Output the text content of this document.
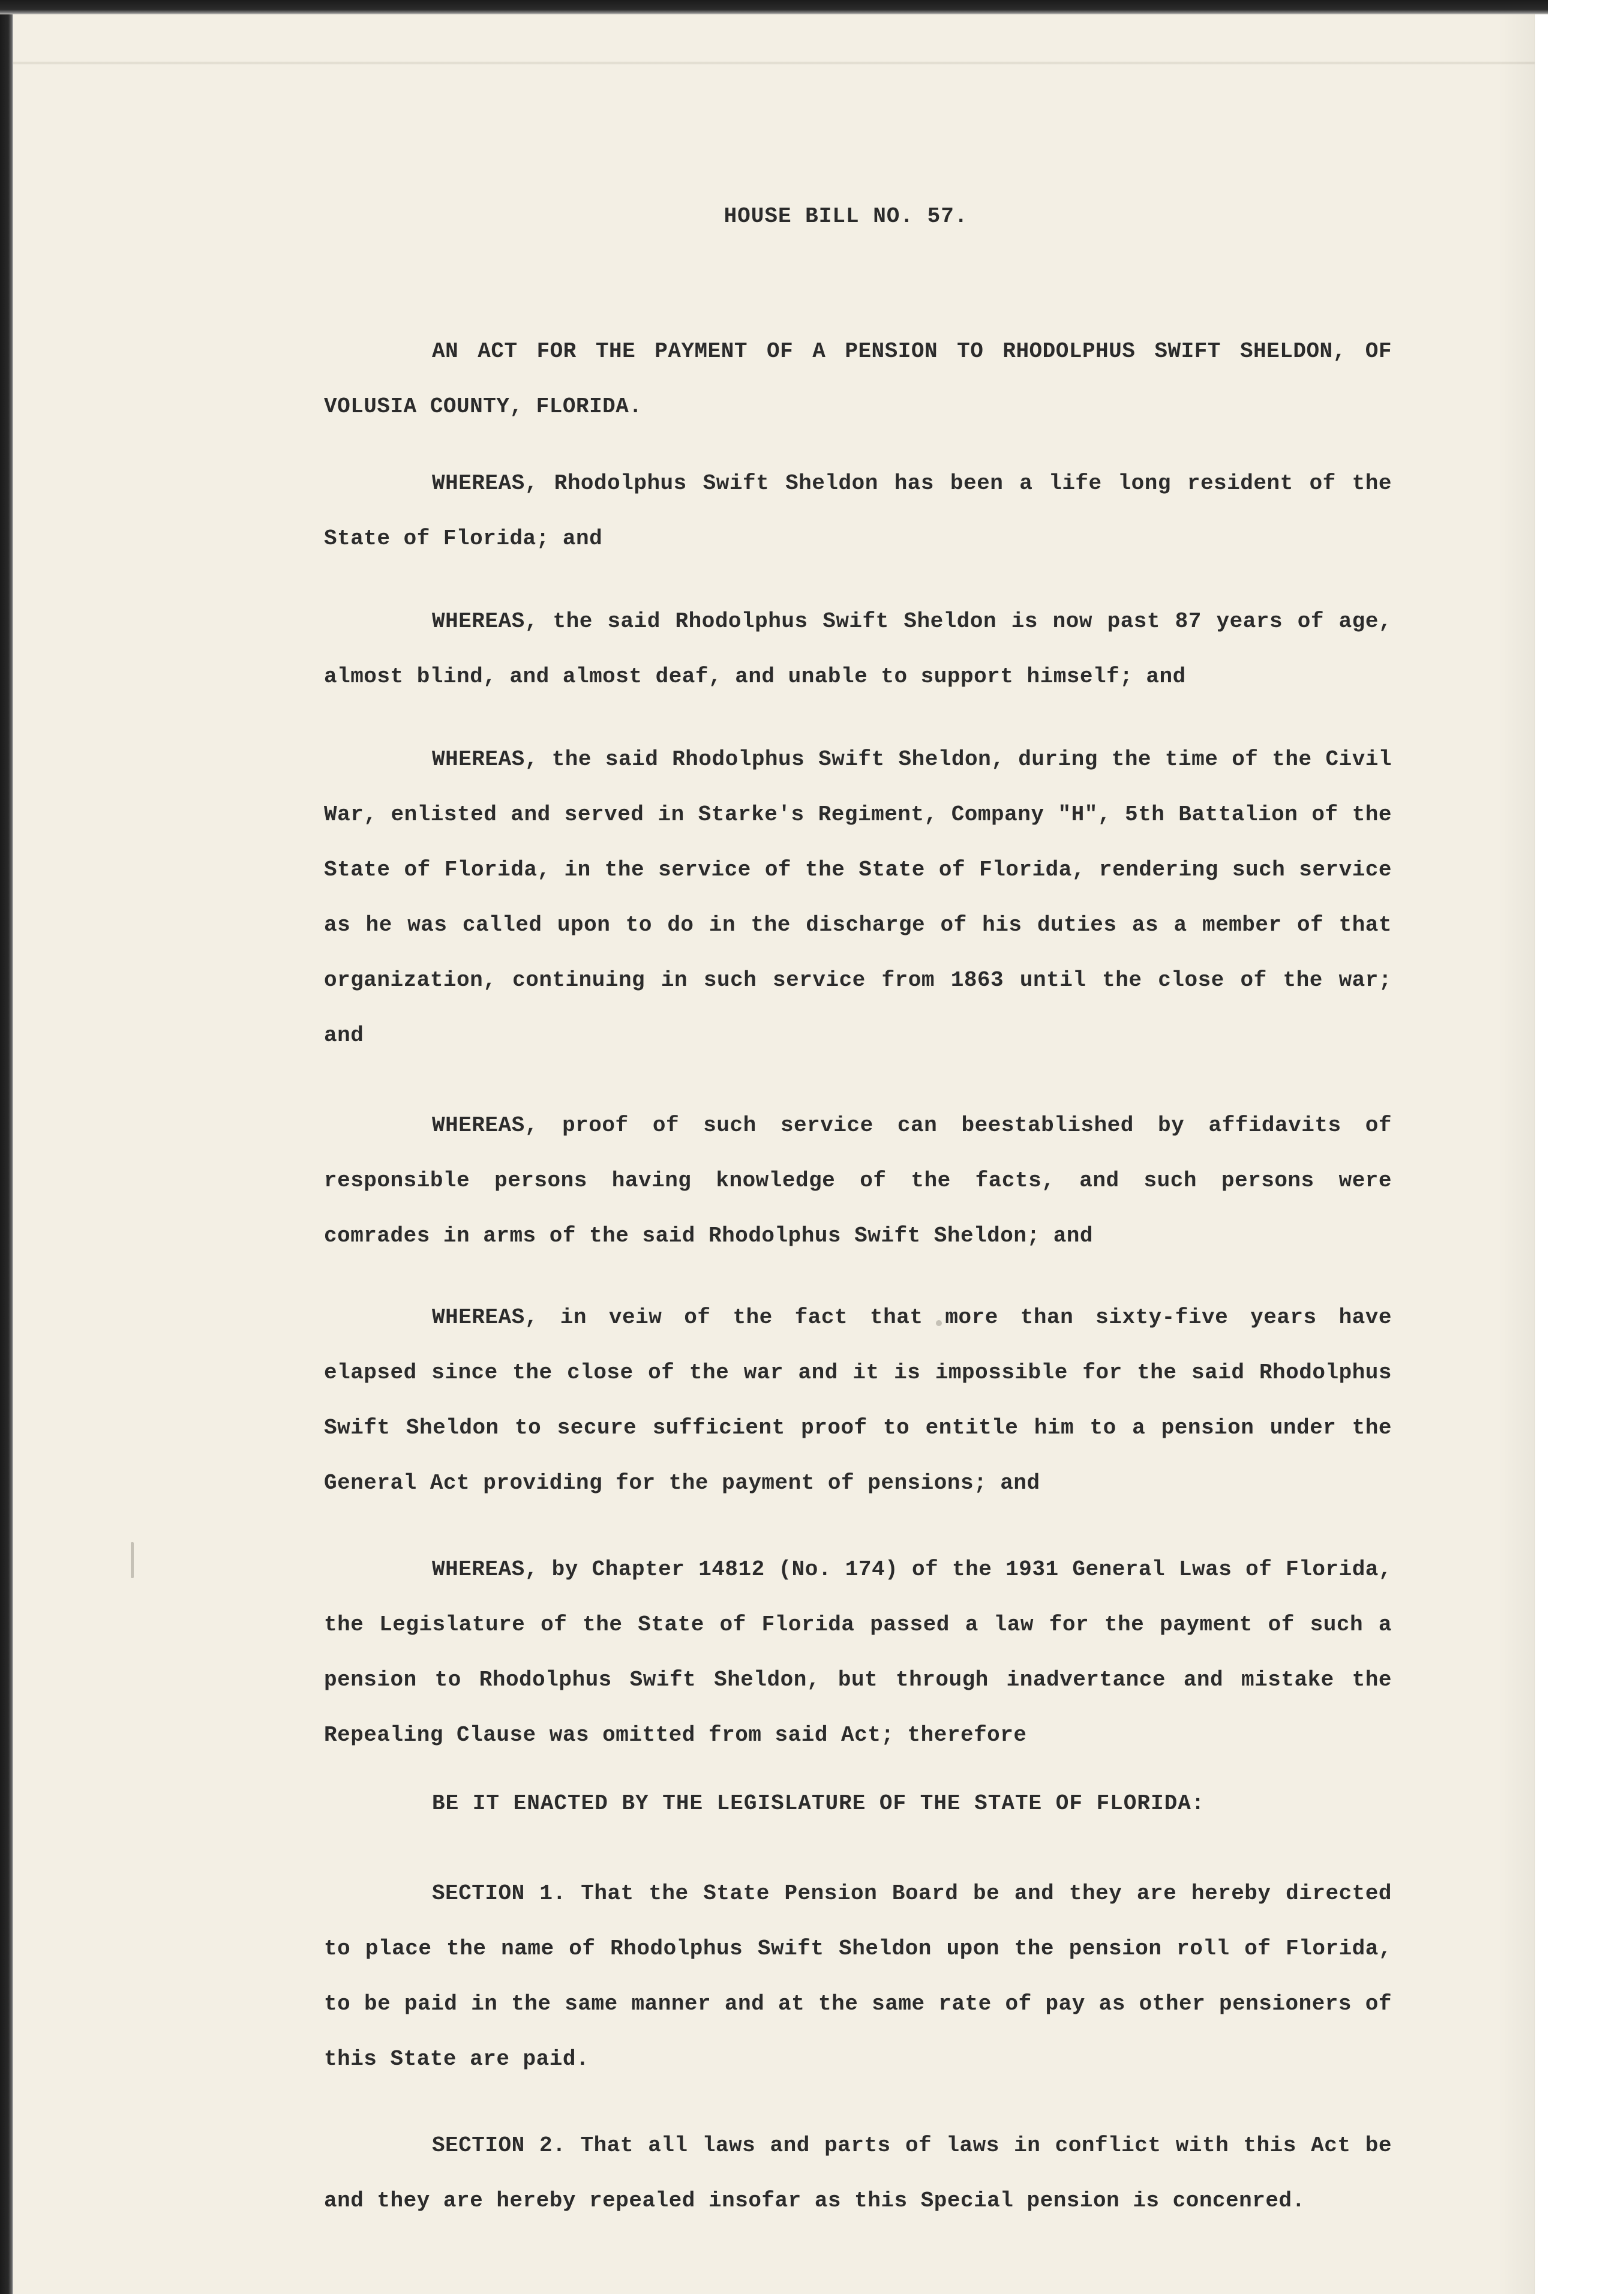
HOUSE BILL NO. 57.

AN ACT FOR THE PAYMENT OF A PENSION TO RHODOLPHUS SWIFT SHELDON, OF VOLUSIA COUNTY, FLORIDA.

WHEREAS, Rhodolphus Swift Sheldon has been a life long resident of the State of Florida; and

WHEREAS, the said Rhodolphus Swift Sheldon is now past 87 years of age, almost blind, and almost deaf, and unable to support himself; and

WHEREAS, the said Rhodolphus Swift Sheldon, during the time of the Civil War, enlisted and served in Starke's Regiment, Company "H", 5th Battalion of the State of Florida, in the service of the State of Florida, rendering such service as he was called upon to do in the discharge of his duties as a member of that organization, continuing in such service from 1863 until the close of the war; and

WHEREAS, proof of such service can beestablished by affidavits of responsible persons having knowledge of the facts, and such persons were comrades in arms of the said Rhodolphus Swift Sheldon; and

WHEREAS, in veiw of the fact that more than sixty-five years have elapsed since the close of the war and it is impossible for the said Rhodolphus Swift Sheldon to secure sufficient proof to entitle him to a pension under the General Act providing for the payment of pensions; and

WHEREAS, by Chapter 14812 (No. 174) of the 1931 General Lwas of Florida, the Legislature of the State of Florida passed a law for the payment of such a pension to Rhodolphus Swift Sheldon, but through inadvertance and mistake the Repealing Clause was omitted from said Act; therefore

BE IT ENACTED BY THE LEGISLATURE OF THE STATE OF FLORIDA:

SECTION 1. That the State Pension Board be and they are hereby directed to place the name of Rhodolphus Swift Sheldon upon the pension roll of Florida, to be paid in the same manner and at the same rate of pay as other pensioners of this State are paid.

SECTION 2. That all laws and parts of laws in conflict with this Act be and they are hereby repealed insofar as this Special pension is concenred.
